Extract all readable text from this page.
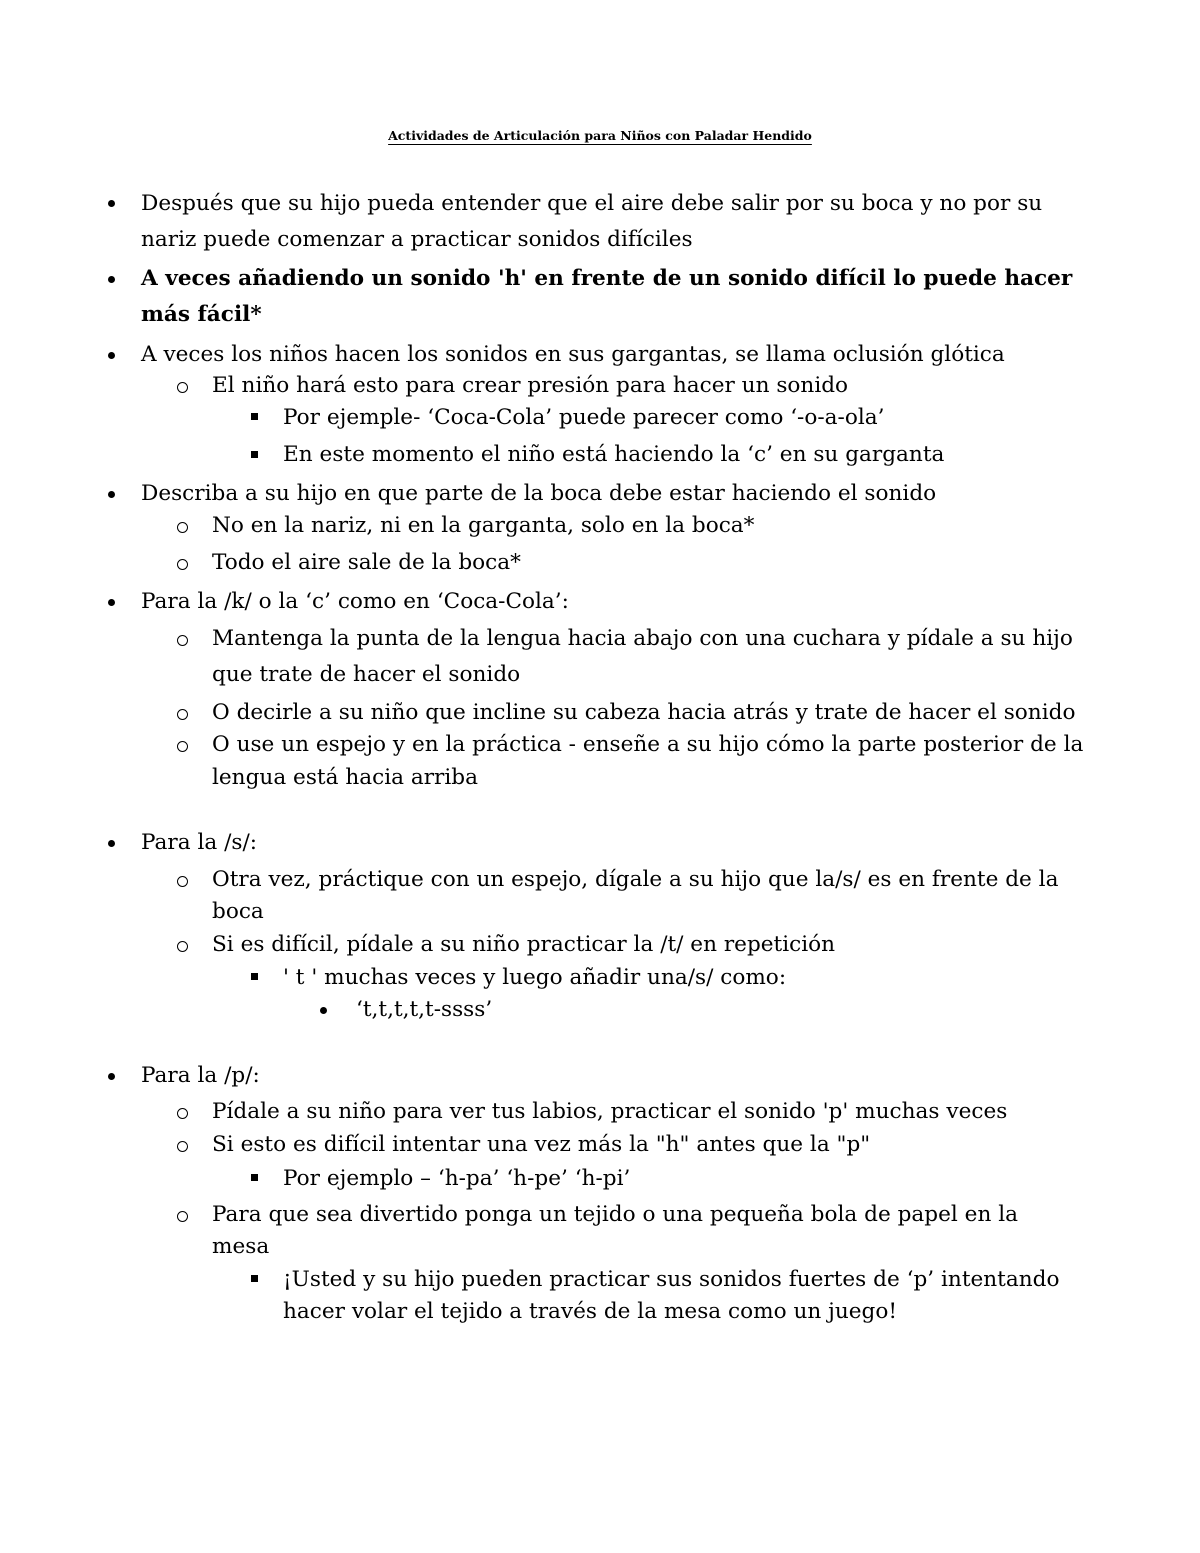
Actividades de Articulación para Niños con Paladar Hendido
Después que su hijo pueda entender que el aire debe salir por su boca y no por su
nariz puede comenzar a practicar sonidos difíciles
A veces añadiendo un sonido 'h' en frente de un sonido difícil lo puede hacer
más fácil*
A veces los niños hacen los sonidos en sus gargantas, se llama oclusión glótica
El niño hará esto para crear presión para hacer un sonido
Por ejemple- ‘Coca-Cola’ puede parecer como ‘-o-a-ola’
En este momento el niño está haciendo la ‘c’ en su garganta
Describa a su hijo en que parte de la boca debe estar haciendo el sonido
No en la nariz, ni en la garganta, solo en la boca*
Todo el aire sale de la boca*
Para la /k/ o la ‘c’ como en ‘Coca-Cola’:
Mantenga la punta de la lengua hacia abajo con una cuchara y pídale a su hijo
que trate de hacer el sonido
O decirle a su niño que incline su cabeza hacia atrás y trate de hacer el sonido
O use un espejo y en la práctica - enseñe a su hijo cómo la parte posterior de la
lengua está hacia arriba
Para la /s/:
Otra vez, práctique con un espejo, dígale a su hijo que la/s/ es en frente de la
boca
Si es difícil, pídale a su niño practicar la /t/ en repetición
' t ' muchas veces y luego añadir una/s/ como:
‘t,t,t,t,t-ssss’
Para la /p/:
Pídale a su niño para ver tus labios, practicar el sonido 'p' muchas veces
Si esto es difícil intentar una vez más la "h" antes que la "p"
Por ejemplo – ‘h-pa’ ‘h-pe’ ‘h-pi’
Para que sea divertido ponga un tejido o una pequeña bola de papel en la
mesa
¡Usted y su hijo pueden practicar sus sonidos fuertes de ‘p’ intentando
hacer volar el tejido a través de la mesa como un juego!
